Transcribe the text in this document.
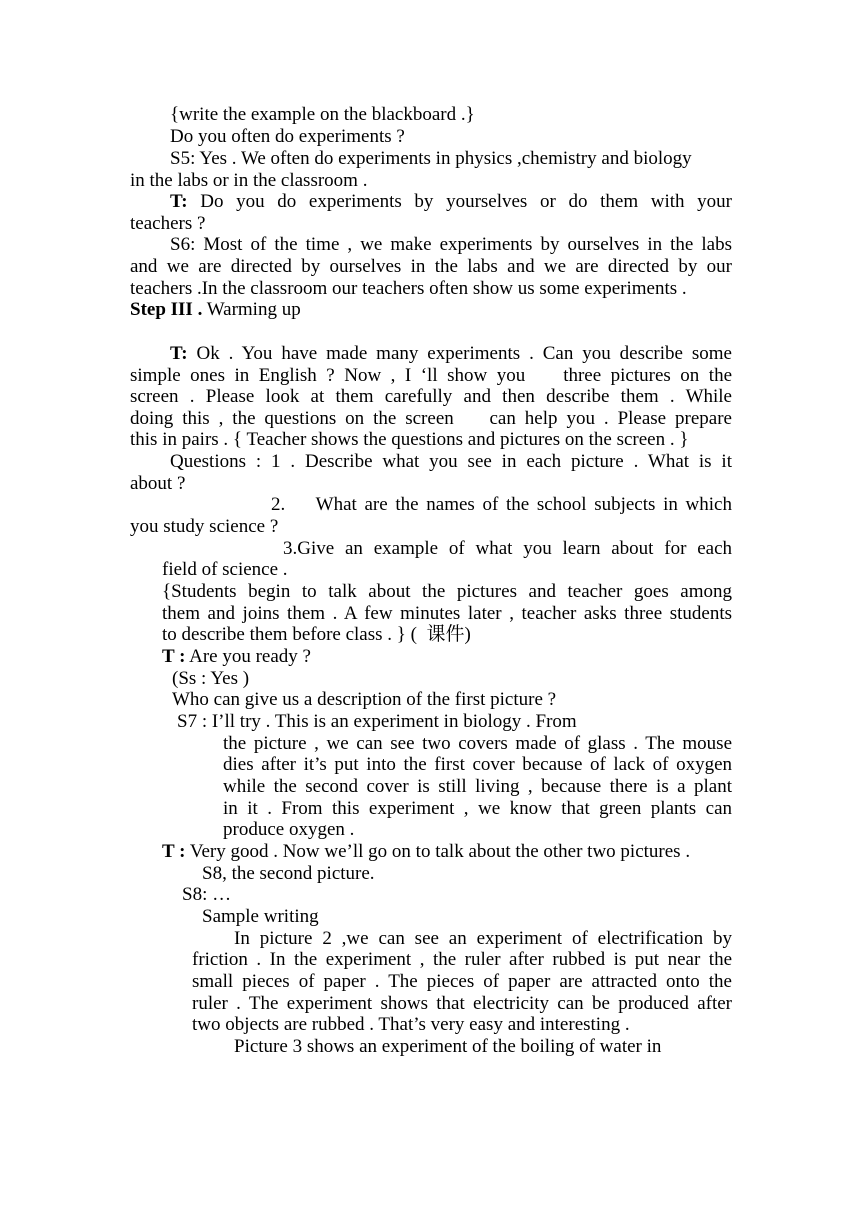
{write the example on the blackboard .}

Do you often do experiments ?

S5: Yes . We often do experiments in physics ,chemistry and biology

in the labs or in the classroom .

T: Do you do experiments by yourselves or do them with your

teachers ?

S6: Most of the time , we make experiments by ourselves in the labs

and we are directed by ourselves in the labs and we are directed by our

teachers .In the classroom our teachers often show us some experiments .

Step III . Warming up

T: Ok . You have made many experiments . Can you describe some

simple ones in English ? Now , I ‘ll show you    three pictures on the

screen . Please look at them carefully and then describe them . While

doing this , the questions on the screen    can help you . Please prepare

this in pairs . { Teacher shows the questions and pictures on the screen . }

Questions : 1 . Describe what you see in each picture . What is it

about ?

2.    What are the names of the school subjects in which

you study science ?

3.Give an example of what you learn about for each

field of science .

{Students begin to talk about the pictures and teacher goes among

them and joins them . A few minutes later , teacher asks three students

to describe them before class . } (  课件)

T : Are you ready ?

(Ss : Yes )

Who can give us a description of the first picture ?

S7 : I’ll try . This is an experiment in biology . From

the picture , we can see two covers made of glass . The mouse

dies after it’s put into the first cover because of lack of oxygen

while the second cover is still living , because there is a plant

in it . From this experiment , we know that green plants can

produce oxygen .

T : Very good . Now we’ll go on to talk about the other two pictures .

S8, the second picture.

S8: …

Sample writing

In picture 2 ,we can see an experiment of electrification by

friction . In the experiment , the ruler after rubbed is put near the

small pieces of paper . The pieces of paper are attracted onto the

ruler . The experiment shows that electricity can be produced after

two objects are rubbed . That’s very easy and interesting .

Picture 3 shows an experiment of the boiling of water in
